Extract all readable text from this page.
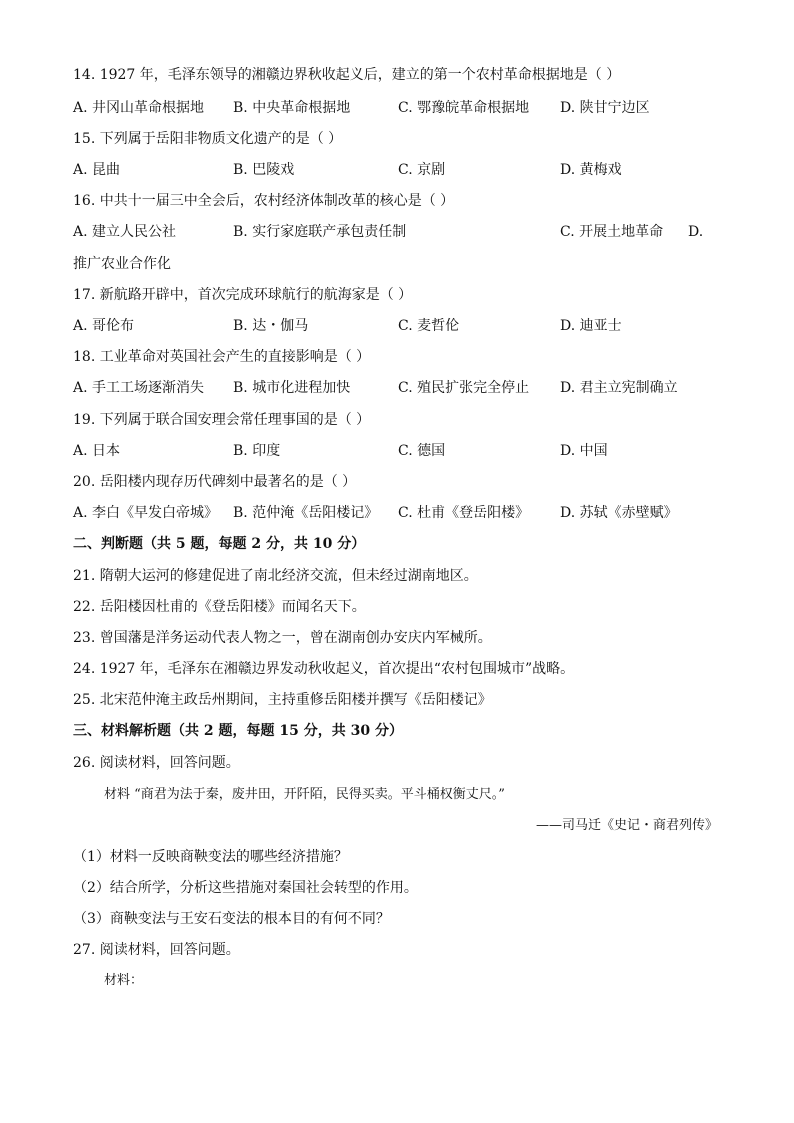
14. 1927 年，毛泽东领导的湘赣边界秋收起义后，建立的第一个农村革命根据地是（ ）
A. 井冈山革命根据地 B. 中央革命根据地	C. 鄂豫皖革命根据地 D. 陕甘宁边区
15. 下列属于岳阳非物质文化遗产的是（ ）
A. 昆曲	B. 巴陵戏	C. 京剧	D. 黄梅戏
16. 中共十一届三中全会后，农村经济体制改革的核心是（ ）
A. 建立人民公社	B. 实行家庭联产承包责任制	C. 开展土地革命 D.
推广农业合作化
17. 新航路开辟中，首次完成环球航行的航海家是（ ）
A. 哥伦布	B. 达・伽马	C. 麦哲伦	D. 迪亚士
18. 工业革命对英国社会产生的直接影响是（ ）
A. 手工工场逐渐消失 B. 城市化进程加快	C. 殖民扩张完全停止 D. 君主立宪制确立
19. 下列属于联合国安理会常任理事国的是（ ）
A. 日本	B. 印度	C. 德国	D. 中国
20. 岳阳楼内现存历代碑刻中最著名的是（ ）
A. 李白《早发白帝城》 B. 范仲淹《岳阳楼记》 C. 杜甫《登岳阳楼》 D. 苏轼《赤壁赋》
二、判断题（共 5 题，每题 2 分，共 10 分）
21. 隋朝大运河的修建促进了南北经济交流，但未经过湖南地区。
22. 岳阳楼因杜甫的《登岳阳楼》而闻名天下。
23. 曾国藩是洋务运动代表人物之一，曾在湖南创办安庆内军械所。
24. 1927 年，毛泽东在湘赣边界发动秋收起义，首次提出“农村包围城市”战略。
25. 北宋范仲淹主政岳州期间，主持重修岳阳楼并撰写《岳阳楼记》
三、材料解析题（共 2 题，每题 15 分，共 30 分）
26. 阅读材料，回答问题。
材料 “商君为法于秦，废井田，开阡陌，民得买卖。平斗桶权衡丈尺。”
——司马迁《史记・商君列传》
（1）材料一反映商鞅变法的哪些经济措施？
（2）结合所学，分析这些措施对秦国社会转型的作用。
（3）商鞅变法与王安石变法的根本目的有何不同？
27. 阅读材料，回答问题。
材料：
